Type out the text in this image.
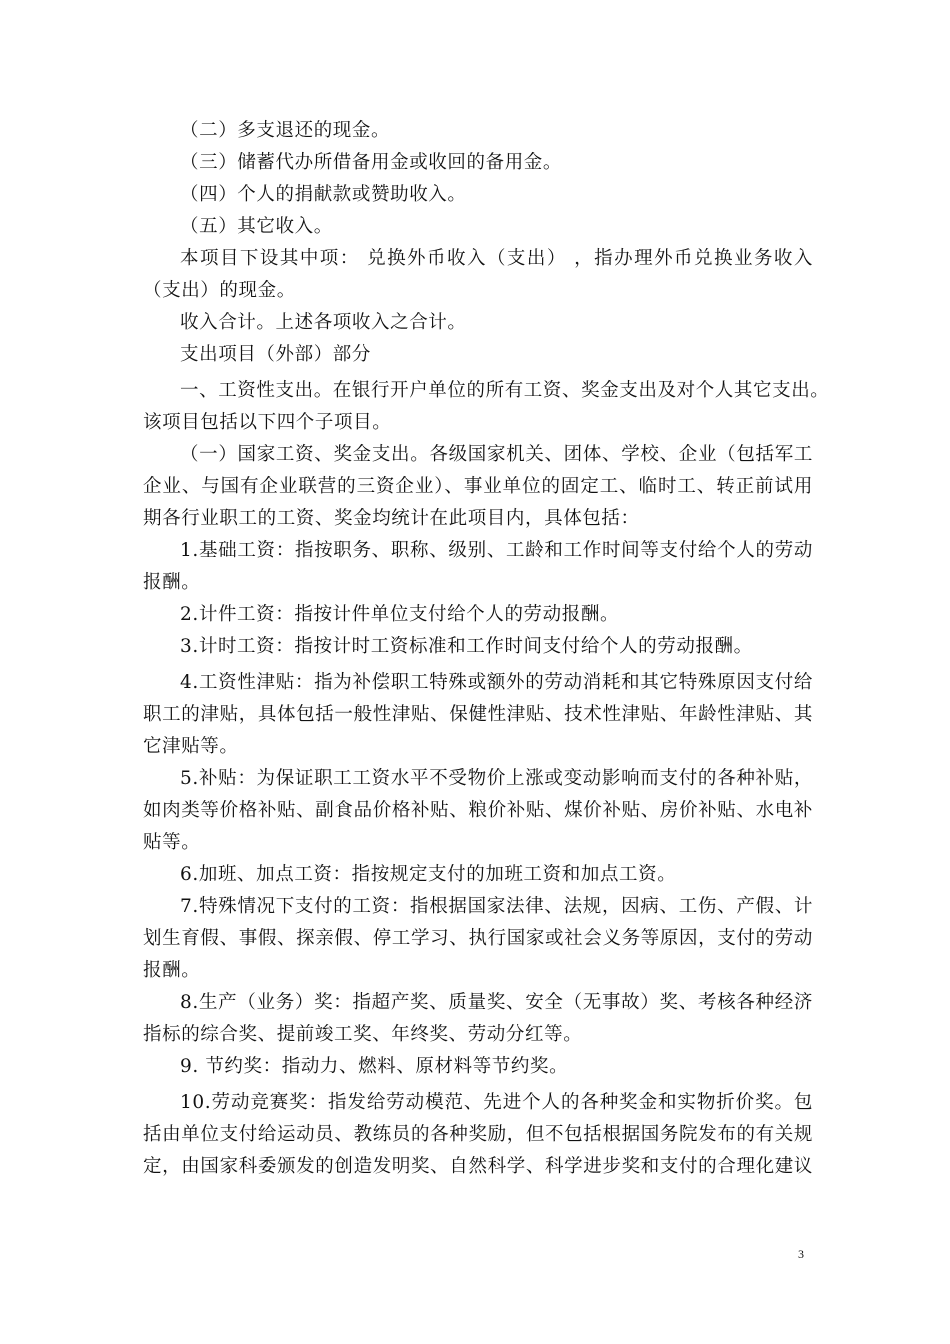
（二）多支退还的现金。
（三）储蓄代办所借备用金或收回的备用金。
（四）个人的捐献款或赞助收入。
（五）其它收入。
本项目下设其中项： 兑换外币收入（支出） ，指办理外币兑换业务收入
（支出）的现金。
收入合计。上述各项收入之合计。
支出项目（外部）部分
一、工资性支出。在银行开户单位的所有工资、奖金支出及对个人其它支出。
该项目包括以下四个子项目。
（一）国家工资、奖金支出。各级国家机关、团体、学校、企业（包括军工
企业、与国有企业联营的三资企业）、事业单位的固定工、临时工、转正前试用
期各行业职工的工资、奖金均统计在此项目内，具体包括：
1.基础工资：指按职务、职称、级别、工龄和工作时间等支付给个人的劳动
报酬。
2.计件工资：指按计件单位支付给个人的劳动报酬。
3.计时工资：指按计时工资标准和工作时间支付给个人的劳动报酬。
4.工资性津贴：指为补偿职工特殊或额外的劳动消耗和其它特殊原因支付给
职工的津贴，具体包括一般性津贴、保健性津贴、技术性津贴、年龄性津贴、其
它津贴等。
5.补贴：为保证职工工资水平不受物价上涨或变动影响而支付的各种补贴，
如肉类等价格补贴、副食品价格补贴、粮价补贴、煤价补贴、房价补贴、水电补
贴等。
6.加班、加点工资：指按规定支付的加班工资和加点工资。
7.特殊情况下支付的工资：指根据国家法律、法规，因病、工伤、产假、计
划生育假、事假、探亲假、停工学习、执行国家或社会义务等原因，支付的劳动
报酬。
8.生产（业务）奖：指超产奖、质量奖、安全（无事故）奖、考核各种经济
指标的综合奖、提前竣工奖、年终奖、劳动分红等。
9. 节约奖：指动力、燃料、原材料等节约奖。
10.劳动竞赛奖：指发给劳动模范、先进个人的各种奖金和实物折价奖。包
括由单位支付给运动员、教练员的各种奖励，但不包括根据国务院发布的有关规
定，由国家科委颁发的创造发明奖、自然科学、科学进步奖和支付的合理化建议
3
